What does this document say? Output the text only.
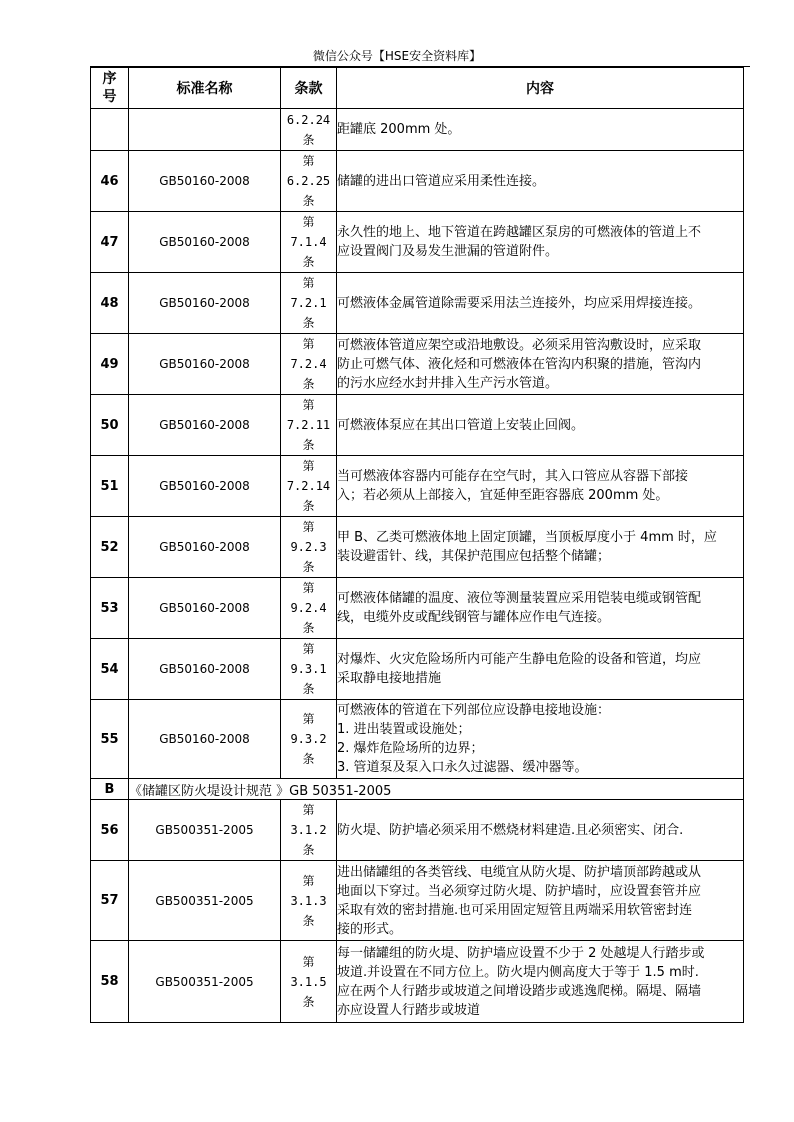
微信公众号【HSE安全资料库】
序号	标准名称	条款	内容

		6.2.24
条	距罐底 200mm 处。

46	GB50160-2008	第
6.2.25
条	储罐的进出口管道应采用柔性连接。

47	GB50160-2008	第
7.1.4
条	永久性的地上、地下管道在跨越罐区泵房的可燃液体的管道上不
应设置阀门及易发生泄漏的管道附件。

48	GB50160-2008	第
7.2.1
条	可燃液体金属管道除需要采用法兰连接外，均应采用焊接连接。

49	GB50160-2008	第
7.2.4
条	可燃液体管道应架空或沿地敷设。必须采用管沟敷设时，应采取
防止可燃气体、液化烃和可燃液体在管沟内积聚的措施，管沟内
的污水应经水封井排入生产污水管道。

50	GB50160-2008	第
7.2.11
条	可燃液体泵应在其出口管道上安装止回阀。

51	GB50160-2008	第
7.2.14
条	当可燃液体容器内可能存在空气时，其入口管应从容器下部接
入；若必须从上部接入，宜延伸至距容器底 200mm 处。

52	GB50160-2008	第
9.2.3
条	甲 B、乙类可燃液体地上固定顶罐，当顶板厚度小于 4mm 时，应
装设避雷针、线，其保护范围应包括整个储罐；

53	GB50160-2008	第
9.2.4
条	可燃液体储罐的温度、液位等测量装置应采用铠装电缆或钢管配
线，电缆外皮或配线钢管与罐体应作电气连接。

54	GB50160-2008	第
9.3.1
条	对爆炸、火灾危险场所内可能产生静电危险的设备和管道，均应
采取静电接地措施

55	GB50160-2008	第
9.3.2
条	可燃液体的管道在下列部位应设静电接地设施：
1. 进出装置或设施处；
2. 爆炸危险场所的边界；
3. 管道泵及泵入口永久过滤器、缓冲器等。

B	《储罐区防火堤设计规范 》GB 50351-2005		
56	GB500351-2005	第
3.1.2
条	防火堤、防护墙必须采用不燃烧材料建造.且必须密实、闭合.

57	GB500351-2005	第
3.1.3
条	进出储罐组的各类管线、电缆宜从防火堤、防护墙顶部跨越或从
地面以下穿过。当必须穿过防火堤、防护墙时，应设置套管并应
采取有效的密封措施.也可采用固定短管且两端采用软管密封连
接的形式。

58	GB500351-2005	第
3.1.5
条	每一储罐组的防火堤、防护墙应设置不少于 2 处越堤人行踏步或
坡道.并设置在不同方位上。防火堤内侧高度大于等于 1.5 m时.
应在两个人行踏步或坡道之间增设踏步或逃逸爬梯。隔堤、隔墙
亦应设置人行踏步或坡道
